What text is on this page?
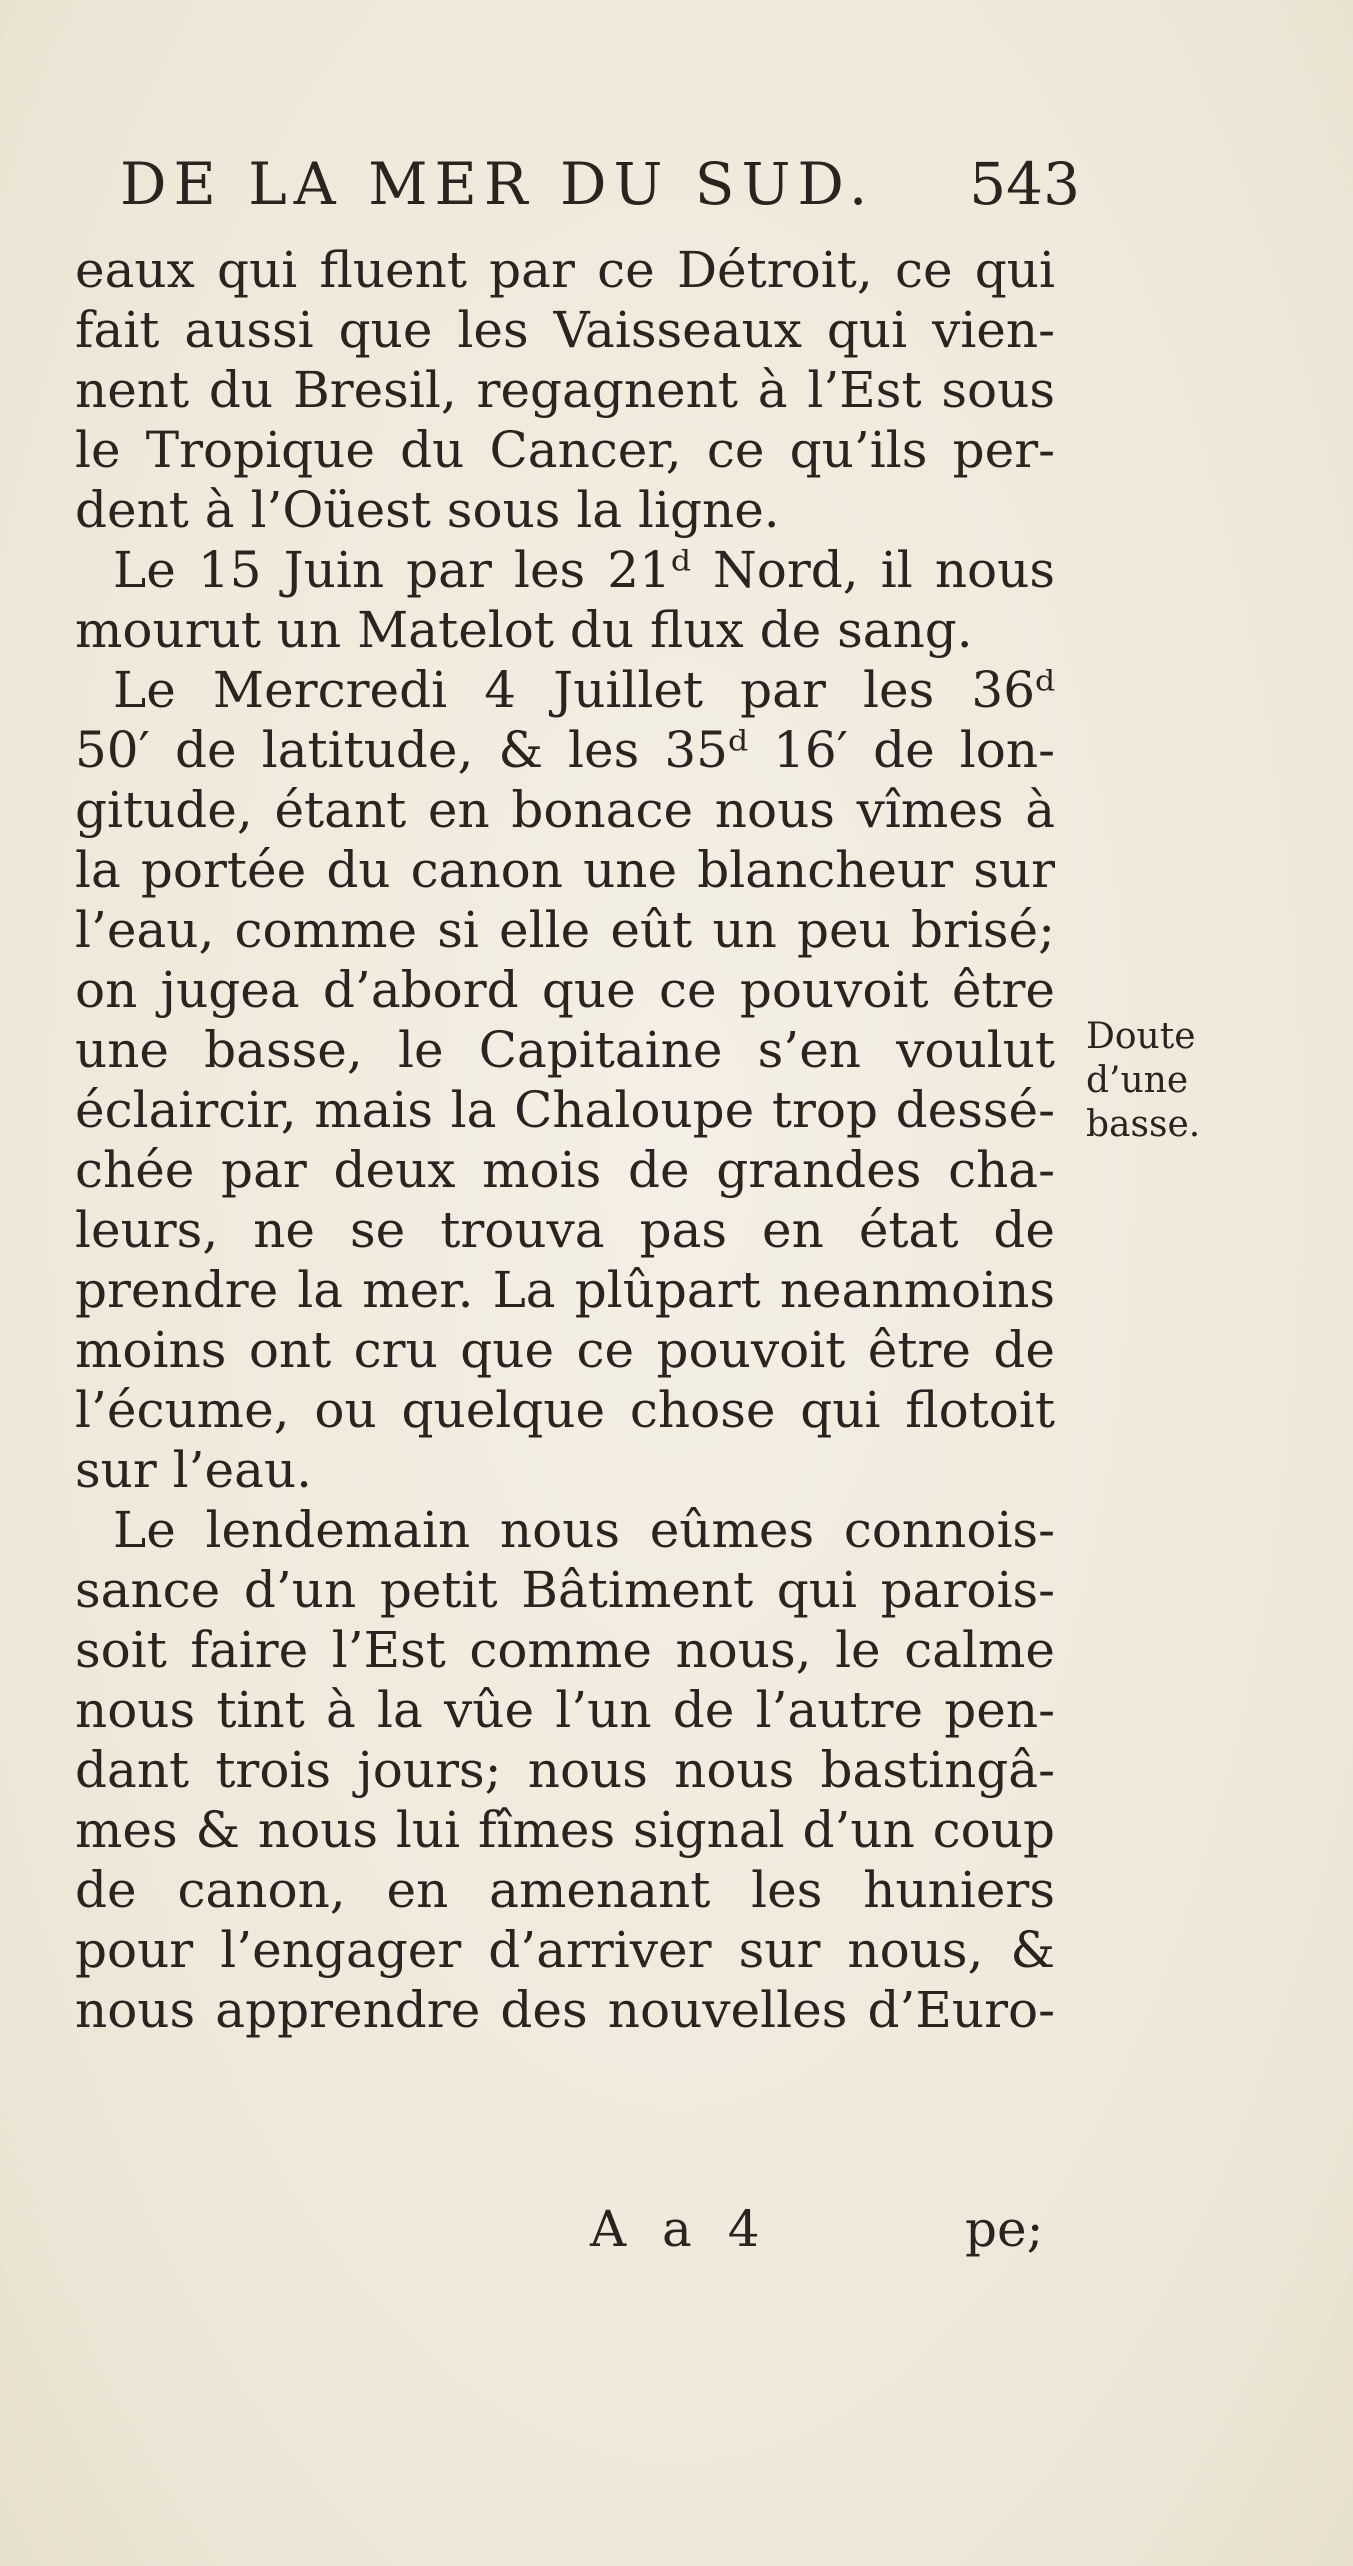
DE LA MER DU SUD. 543
eaux qui fluent par ce Détroit, ce qui
fait aussi que les Vaisseaux qui vien-
nent du Bresil, regagnent à l’Est sous
le Tropique du Cancer, ce qu’ils per-
dent à l’Oüest sous la ligne.
Le 15 Juin par les 21ᵈ Nord, il nous
mourut un Matelot du flux de sang.
Le Mercredi 4 Juillet par les 36ᵈ
50′ de latitude, & les 35ᵈ 16′ de lon-
gitude, étant en bonace nous vîmes à
la portée du canon une blancheur sur
l’eau, comme si elle eût un peu brisé;
on jugea d’abord que ce pouvoit être
une basse, le Capitaine s’en voulut
éclaircir, mais la Chaloupe trop dessé-
chée par deux mois de grandes cha-
leurs, ne se trouva pas en état de
prendre la mer. La plûpart neanmoins
moins ont cru que ce pouvoit être de
l’écume, ou quelque chose qui flotoit
sur l’eau.
Le lendemain nous eûmes connois-
sance d’un petit Bâtiment qui parois-
soit faire l’Est comme nous, le calme
nous tint à la vûe l’un de l’autre pen-
dant trois jours; nous nous bastingâ-
mes & nous lui fîmes signal d’un coup
de canon, en amenant les huniers
pour l’engager d’arriver sur nous, &
nous apprendre des nouvelles d’Euro-
Doute
d’une
basse.
A a 4	pe;
